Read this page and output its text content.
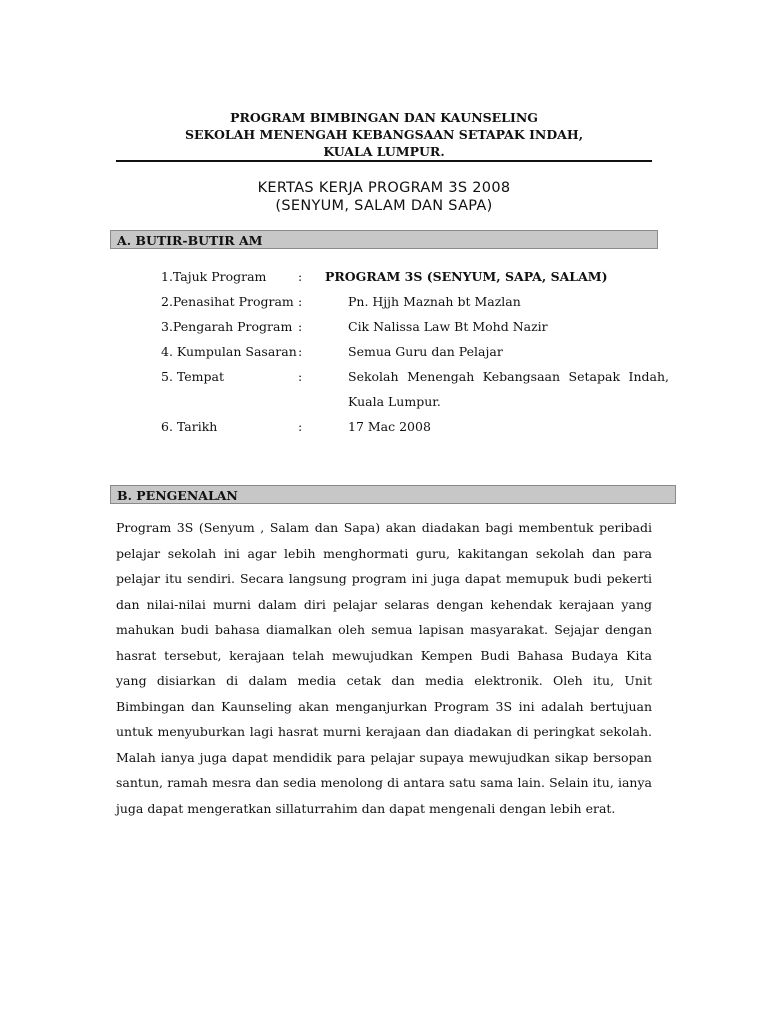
PROGRAM BIMBINGAN DAN KAUNSELING
SEKOLAH MENENGAH KEBANGSAAN SETAPAK INDAH,
KUALA LUMPUR.
KERTAS KERJA PROGRAM 3S 2008
(SENYUM, SALAM DAN SAPA)
A. BUTIR-BUTIR AM
1.Tajuk Program	: PROGRAM 3S (SENYUM, SAPA, SALAM)
2.Penasihat Program :	Pn. Hjjh Maznah bt Mazlan
3.Pengarah Program :	Cik Nalissa Law Bt Mohd Nazir
4. Kumpulan Sasaran :	Semua Guru dan Pelajar
5. Tempat	:	Sekolah Menengah Kebangsaan Setapak Indah, Kuala Lumpur.
6. Tarikh	:	17 Mac 2008
B. PENGENALAN

Program 3S (Senyum , Salam dan Sapa) akan diadakan bagi membentuk peribadi pelajar sekolah ini agar lebih menghormati guru, kakitangan sekolah dan para pelajar itu sendiri. Secara langsung program ini juga dapat memupuk budi pekerti dan nilai-nilai murni dalam diri pelajar selaras dengan kehendak kerajaan yang mahukan budi bahasa diamalkan oleh semua lapisan masyarakat. Sejajar dengan hasrat tersebut, kerajaan telah mewujudkan Kempen Budi Bahasa Budaya Kita yang disiarkan di dalam media cetak dan media elektronik. Oleh itu, Unit Bimbingan dan Kaunseling akan menganjurkan Program 3S ini adalah bertujuan untuk menyuburkan lagi hasrat murni kerajaan dan diadakan di peringkat sekolah. Malah ianya juga dapat mendidik para pelajar supaya mewujudkan sikap bersopan santun, ramah mesra dan sedia menolong di antara satu sama lain. Selain itu, ianya juga dapat mengeratkan sillaturrahim dan dapat mengenali dengan lebih erat.
